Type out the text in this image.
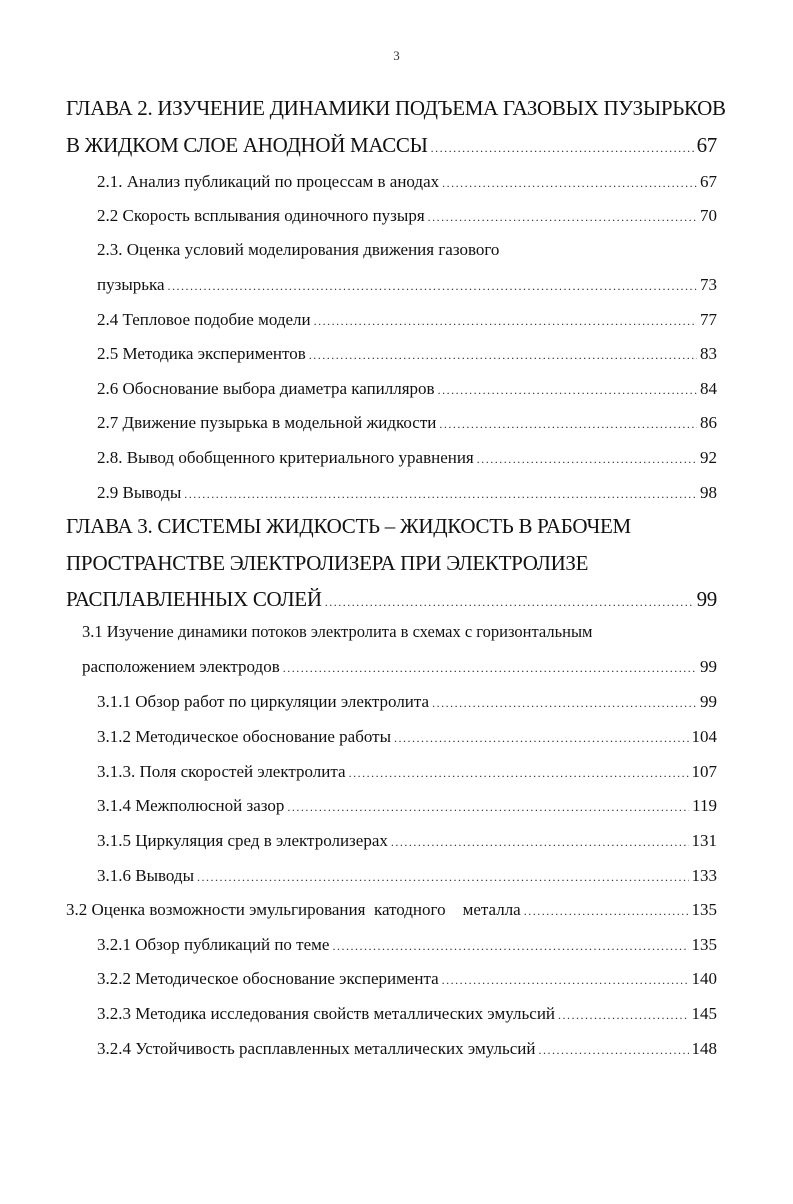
3
ГЛАВА 2. ИЗУЧЕНИЕ ДИНАМИКИ ПОДЪЕМА ГАЗОВЫХ ПУЗЫРЬКОВ
В ЖИДКОМ СЛОЕ АНОДНОЙ МАССЫ .....	67
2.1. Анализ публикаций по процессам в анодах .....	67
2.2 Скорость всплывания одиночного пузыря .....	70
2.3. Оценка условий моделирования движения газового
пузырька .....	73
2.4 Тепловое подобие модели .....	77
2.5 Методика экспериментов .....	83
2.6 Обоснование выбора диаметра капилляров .....	84
2.7 Движение пузырька в модельной жидкости .....	86
2.8. Вывод обобщенного критериального уравнения .....	92
2.9 Выводы .....	98
ГЛАВА 3. СИСТЕМЫ ЖИДКОСТЬ – ЖИДКОСТЬ В РАБОЧЕМ
ПРОСТРАНСТВЕ ЭЛЕКТРОЛИЗЕРА ПРИ ЭЛЕКТРОЛИЗЕ
РАСПЛАВЛЕННЫХ СОЛЕЙ .....	99
3.1 Изучение динамики потоков электролита в схемах с горизонтальным
расположением электродов .....	99
3.1.1 Обзор работ по циркуляции электролита .....	99
3.1.2 Методическое обоснование работы .....	104
3.1.3. Поля скоростей электролита .....	107
3.1.4 Межполюсной зазор .....	119
3.1.5 Циркуляция сред в электролизерах .....	131
3.1.6 Выводы .....	133
3.2 Оценка возможности эмульгирования  катодного    металла .....	135
3.2.1 Обзор публикаций по теме .....	135
3.2.2 Методическое обоснование эксперимента .....	140
3.2.3 Методика исследования свойств металлических эмульсий .....	145
3.2.4 Устойчивость расплавленных металлических эмульсий .....	148
